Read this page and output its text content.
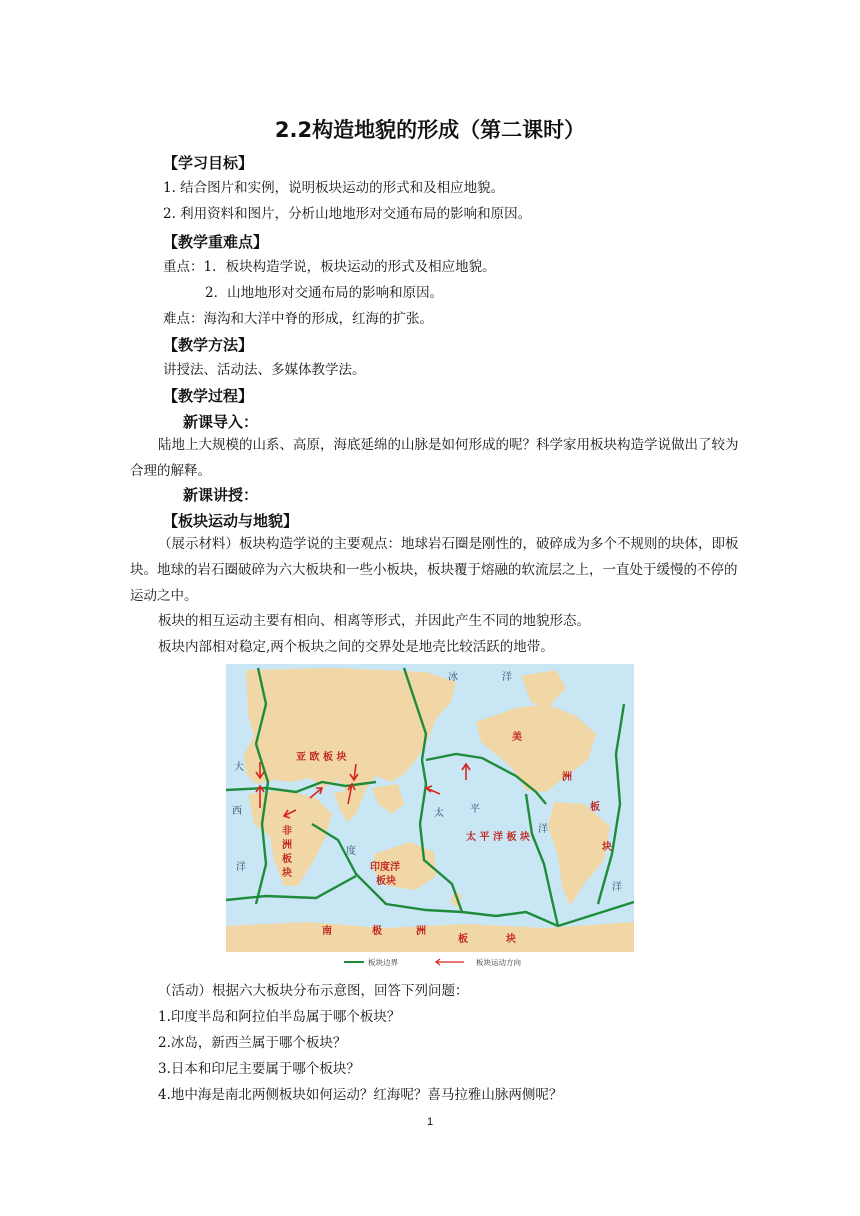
2.2构造地貌的形成（第二课时）
【学习目标】
1. 结合图片和实例，说明板块运动的形式和及相应地貌。
2. 利用资料和图片，分析山地地形对交通布局的影响和原因。
【教学重难点】
重点：1．板块构造学说，板块运动的形式及相应地貌。
2．山地地形对交通布局的影响和原因。
难点：海沟和大洋中脊的形成，红海的扩张。
【教学方法】
讲授法、活动法、多媒体教学法。
【教学过程】
新课导入：
陆地上大规模的山系、高原，海底延绵的山脉是如何形成的呢？科学家用板块构造学说做出了较为合理的解释。
新课讲授：
【板块运动与地貌】
（展示材料）板块构造学说的主要观点：地球岩石圈是刚性的，破碎成为多个不规则的块体，即板块。地球的岩石圈破碎为六大板块和一些小板块，板块覆于熔融的软流层之上，一直处于缓慢的不停的运动之中。
板块的相互运动主要有相向、相离等形式，并因此产生不同的地貌形态。
板块内部相对稳定,两个板块之间的交界处是地壳比较活跃的地带。
亚 欧 板 块
非
洲
板
块
太 平 洋 板 块
印度洋
板块
美
洲
板
块
南	极	洲
板	块
冰	洋
大
西	太	平
洋
度
洋
洋
板块边界	板块运动方向
（活动）根据六大板块分布示意图，回答下列问题：
1.印度半岛和阿拉伯半岛属于哪个板块？
2.冰岛，新西兰属于哪个板块？
3.日本和印尼主要属于哪个板块？
4.地中海是南北两侧板块如何运动？红海呢？喜马拉雅山脉两侧呢？
1
